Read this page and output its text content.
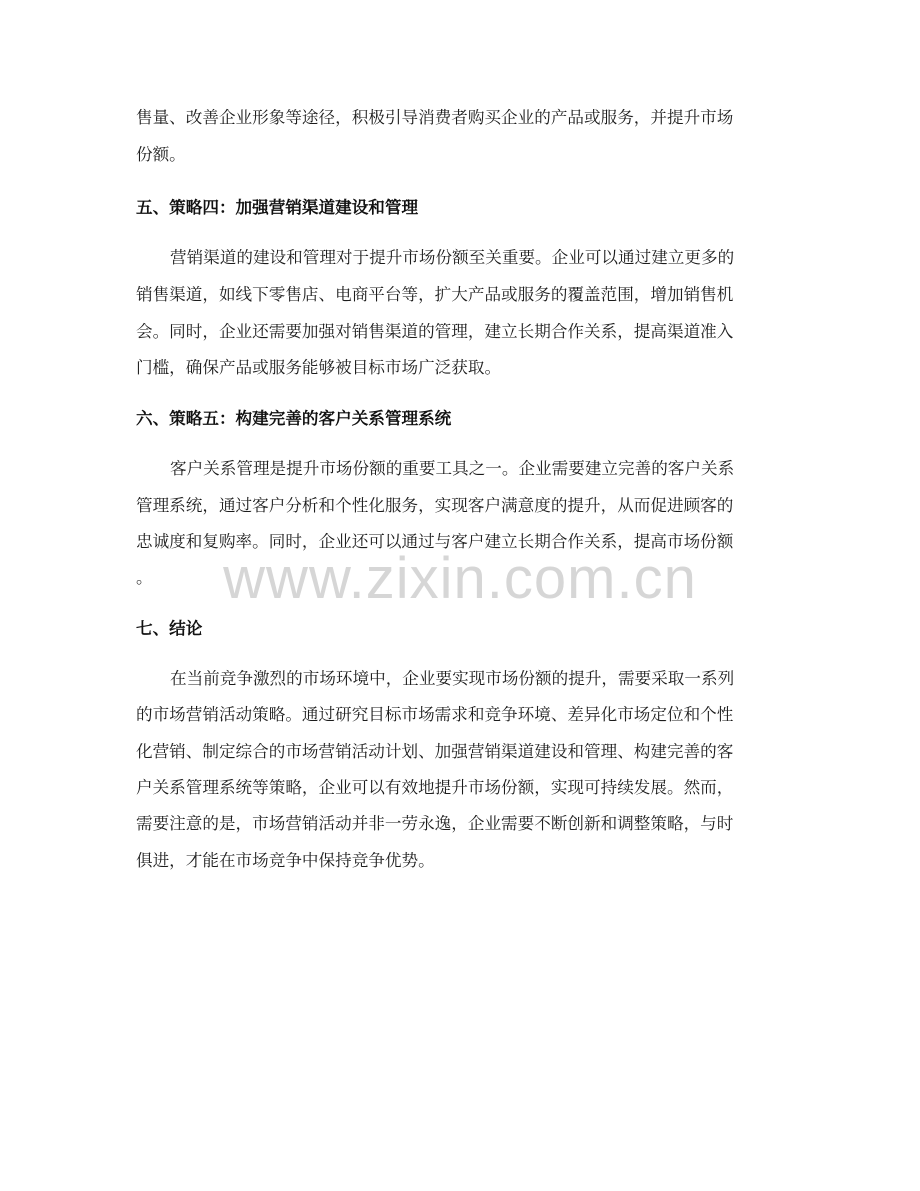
www.zixin.com.cn
售量、改善企业形象等途径，积极引导消费者购买企业的产品或服务，并提升市场
份额。
五、策略四：加强营销渠道建设和管理
营销渠道的建设和管理对于提升市场份额至关重要。企业可以通过建立更多的
销售渠道，如线下零售店、电商平台等，扩大产品或服务的覆盖范围，增加销售机
会。同时，企业还需要加强对销售渠道的管理，建立长期合作关系，提高渠道准入
门槛，确保产品或服务能够被目标市场广泛获取。
六、策略五：构建完善的客户关系管理系统
客户关系管理是提升市场份额的重要工具之一。企业需要建立完善的客户关系
管理系统，通过客户分析和个性化服务，实现客户满意度的提升，从而促进顾客的
忠诚度和复购率。同时，企业还可以通过与客户建立长期合作关系，提高市场份额
。
七、结论
在当前竞争激烈的市场环境中，企业要实现市场份额的提升，需要采取一系列
的市场营销活动策略。通过研究目标市场需求和竞争环境、差异化市场定位和个性
化营销、制定综合的市场营销活动计划、加强营销渠道建设和管理、构建完善的客
户关系管理系统等策略，企业可以有效地提升市场份额，实现可持续发展。然而，
需要注意的是，市场营销活动并非一劳永逸，企业需要不断创新和调整策略，与时
俱进，才能在市场竞争中保持竞争优势。
